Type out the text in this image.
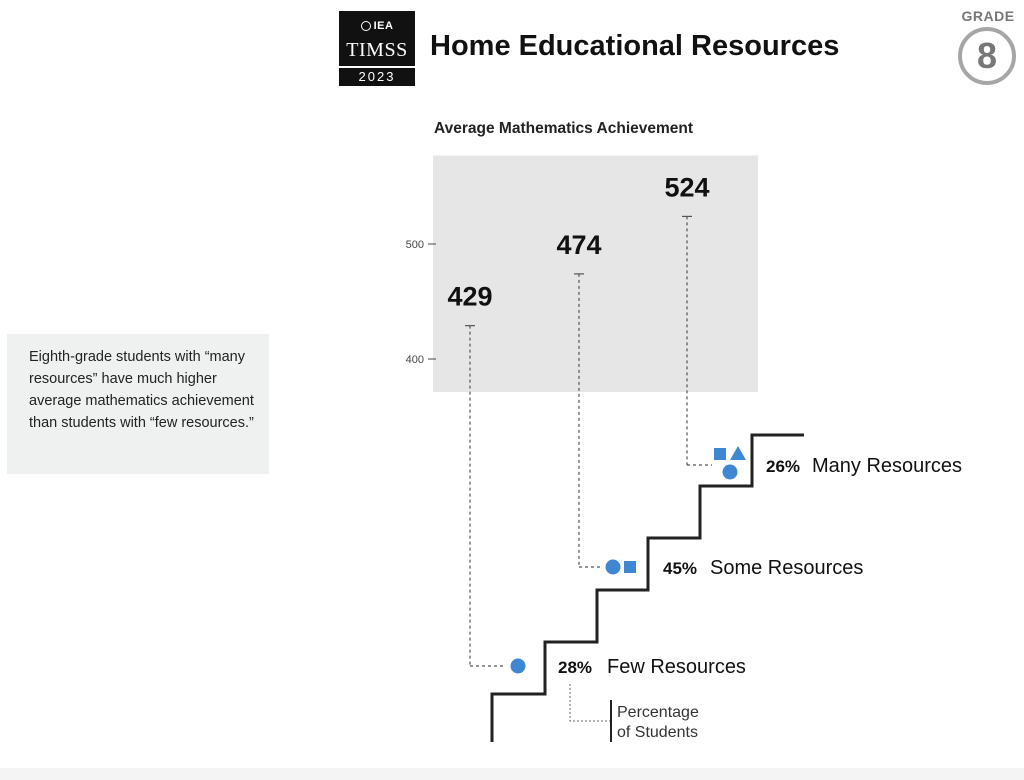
IEA
TIMSS
2023
Home Educational Resources
GRADE
8
Eighth-grade students with “many resources” have much higher average mathematics achievement than students with “few resources.”
Average Mathematics Achievement
400
500
429
28% Few Resources
474
45% Some Resources
524
26% Many Resources
Percentage
of Students
